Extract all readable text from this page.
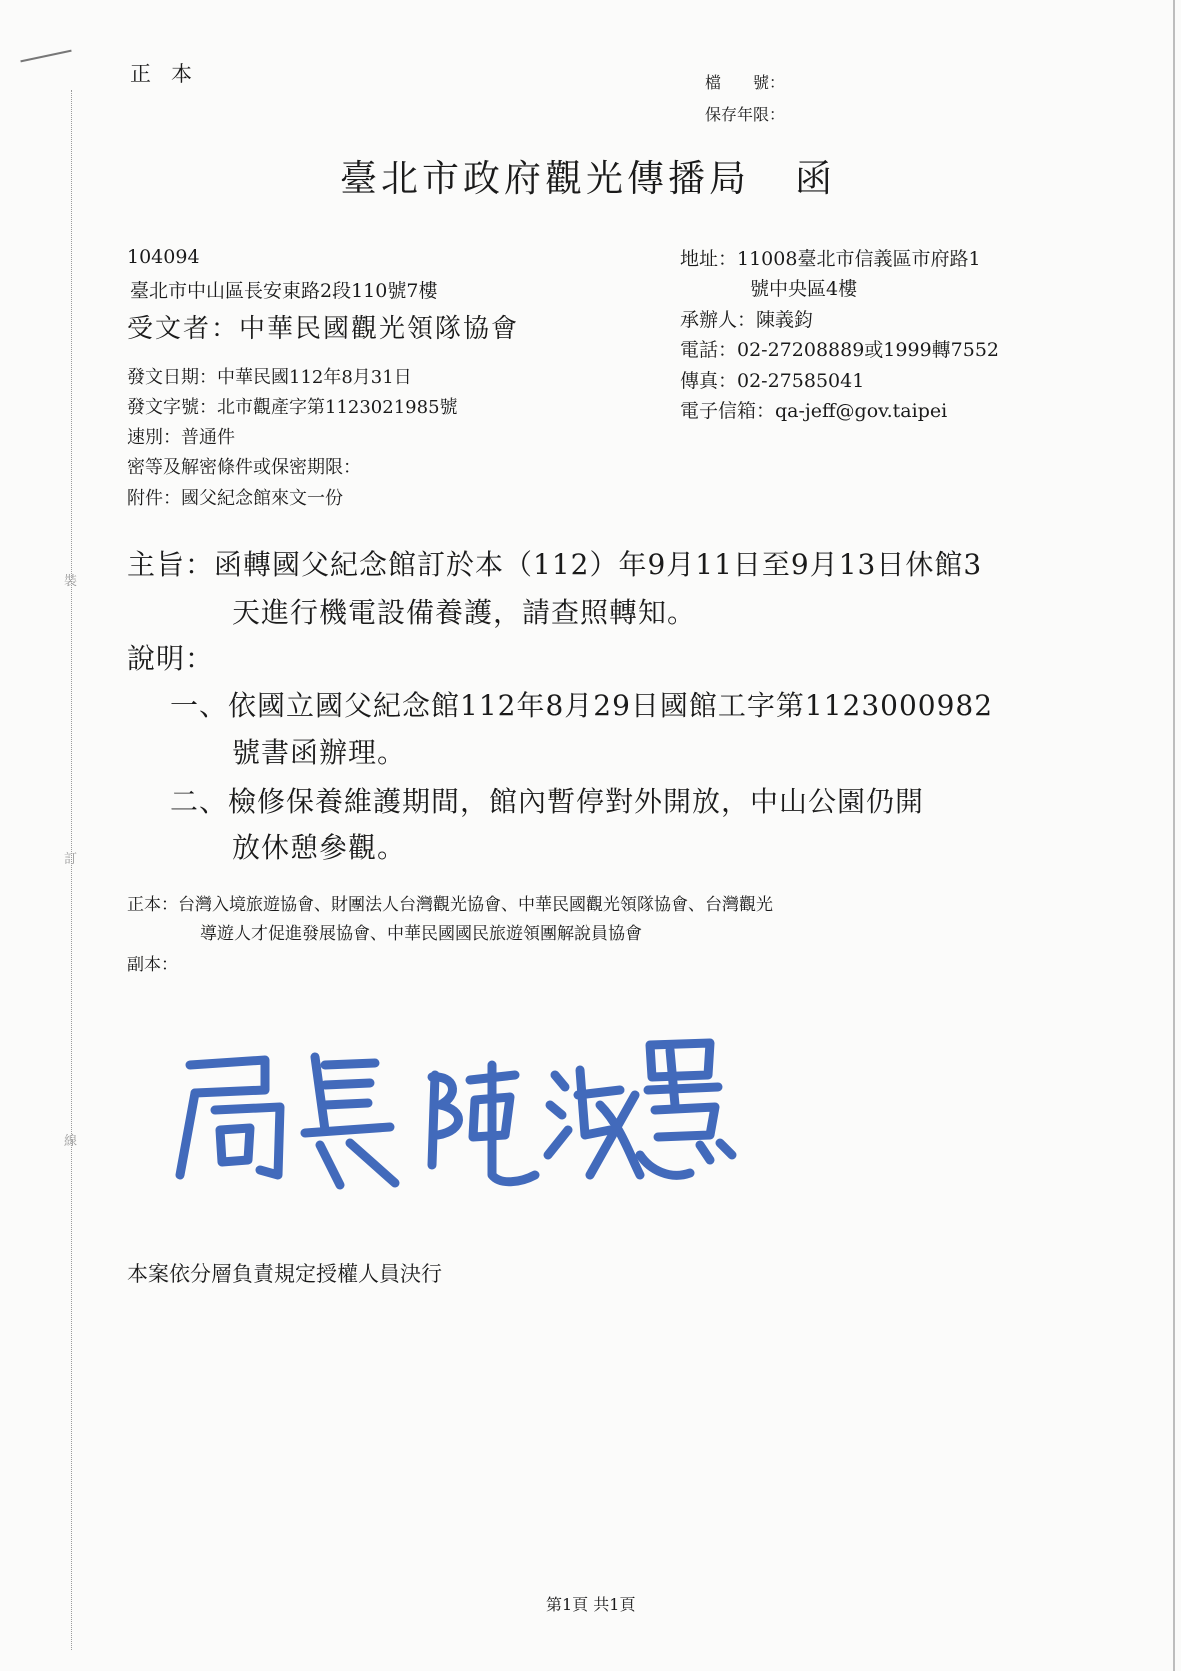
裝
訂
線
正本	檔　　號：
保存年限：
臺北市政府觀光傳播局 函
104094
臺北市中山區長安東路2段110號7樓
受文者：中華民國觀光領隊協會
地址：11008臺北市信義區市府路1
號中央區4樓
承辦人：陳義鈞
電話：02-27208889或1999轉7552
傳真：02-27585041
電子信箱：qa-jeff@gov.taipei
發文日期：中華民國112年8月31日
發文字號：北市觀產字第1123021985號
速別：普通件
密等及解密條件或保密期限：
附件：國父紀念館來文一份
主旨：函轉國父紀念館訂於本（112）年9月11日至9月13日休館3
天進行機電設備養護，請查照轉知。
說明：
一、依國立國父紀念館112年8月29日國館工字第1123000982
號書函辦理。
二、檢修保養維護期間，館內暫停對外開放，中山公園仍開
放休憩參觀。
正本：台灣入境旅遊協會、財團法人台灣觀光協會、中華民國觀光領隊協會、台灣觀光
導遊人才促進發展協會、中華民國國民旅遊領團解說員協會
副本：
本案依分層負責規定授權人員決行
第1頁 共1頁
